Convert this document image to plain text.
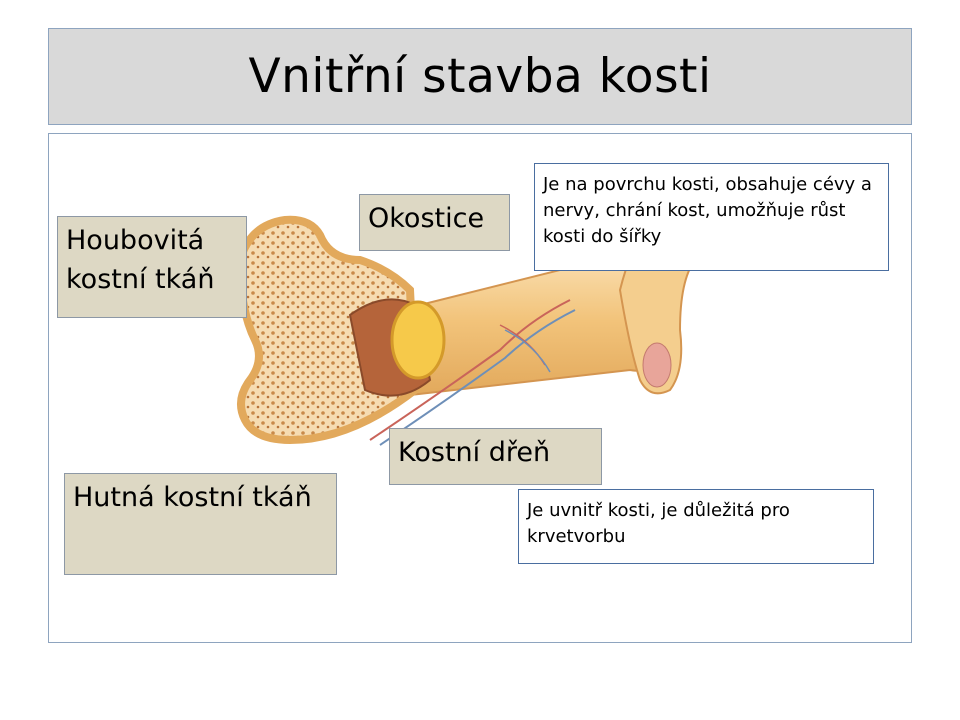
Vnitřní stavba kosti
Houbovitá kostní tkáň
Okostice
Kostní dřeň
Hutná kostní tkáň
Je na povrchu kosti, obsahuje cévy a nervy, chrání kost, umožňuje růst kosti do šířky
Je uvnitř kosti, je důležitá pro krvetvorbu
